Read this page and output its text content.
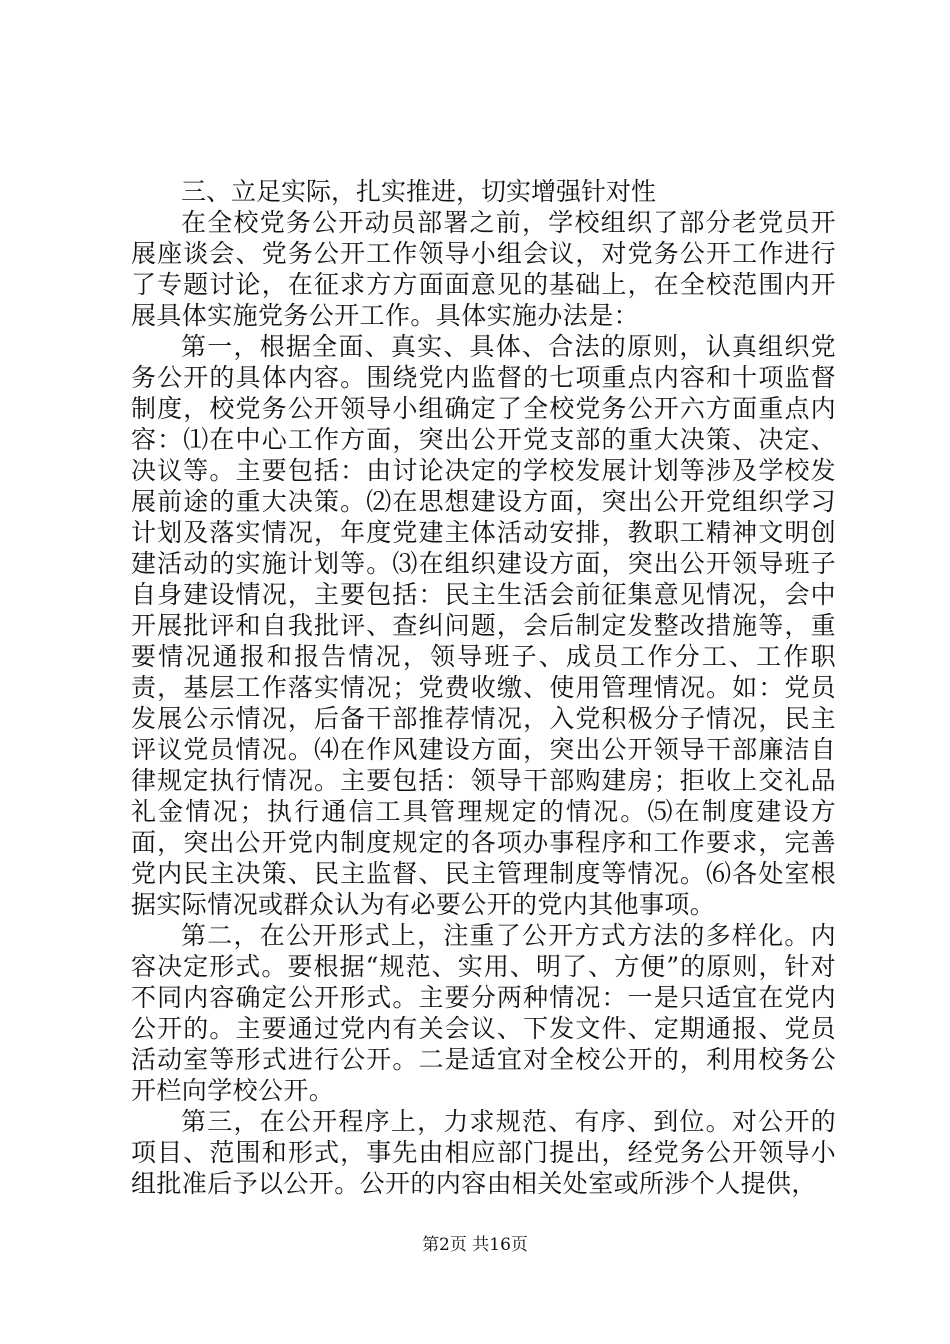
三、立足实际，扎实推进，切实增强针对性

在全校党务公开动员部署之前，学校组织了部分老党员开展座谈会、党务公开工作领导小组会议，对党务公开工作进行了专题讨论，在征求方方面面意见的基础上，在全校范围内开展具体实施党务公开工作。具体实施办法是：

第一，根据全面、真实、具体、合法的原则，认真组织党务公开的具体内容。围绕党内监督的七项重点内容和十项监督制度，校党务公开领导小组确定了全校党务公开六方面重点内容：⑴在中心工作方面，突出公开党支部的重大决策、决定、决议等。主要包括：由讨论决定的学校发展计划等涉及学校发展前途的重大决策。⑵在思想建设方面，突出公开党组织学习计划及落实情况，年度党建主体活动安排，教职工精神文明创建活动的实施计划等。⑶在组织建设方面，突出公开领导班子自身建设情况，主要包括：民主生活会前征集意见情况，会中开展批评和自我批评、查纠问题，会后制定发整改措施等，重要情况通报和报告情况，领导班子、成员工作分工、工作职责，基层工作落实情况；党费收缴、使用管理情况。如：党员发展公示情况，后备干部推荐情况，入党积极分子情况，民主评议党员情况。⑷在作风建设方面，突出公开领导干部廉洁自律规定执行情况。主要包括：领导干部购建房；拒收上交礼品礼金情况；执行通信工具管理规定的情况。⑸在制度建设方面，突出公开党内制度规定的各项办事程序和工作要求，完善党内民主决策、民主监督、民主管理制度等情况。⑹各处室根据实际情况或群众认为有必要公开的党内其他事项。

第二，在公开形式上，注重了公开方式方法的多样化。内容决定形式。要根据“规范、实用、明了、方便”的原则，针对不同内容确定公开形式。主要分两种情况：一是只适宜在党内公开的。主要通过党内有关会议、下发文件、定期通报、党员活动室等形式进行公开。二是适宜对全校公开的，利用校务公开栏向学校公开。

第三，在公开程序上，力求规范、有序、到位。对公开的项目、范围和形式，事先由相应部门提出，经党务公开领导小组批准后予以公开。公开的内容由相关处室或所涉个人提供，

第2页 共16页
